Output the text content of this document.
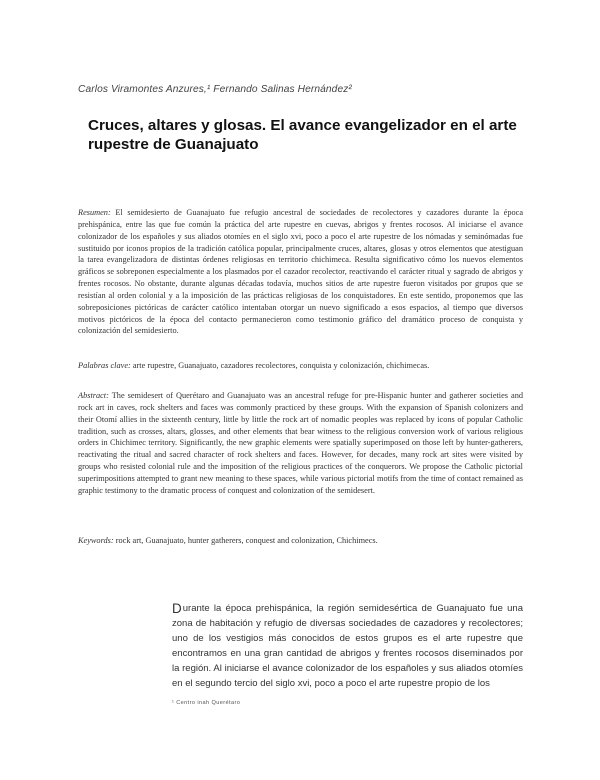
Carlos Viramontes Anzures,¹ Fernando Salinas Hernández²
Cruces, altares y glosas. El avance evangelizador en el arte rupestre de Guanajuato

Resumen: El semidesierto de Guanajuato fue refugio ancestral de sociedades de recolectores y cazadores durante la época prehispánica, entre las que fue común la práctica del arte rupestre en cuevas, abrigos y frentes rocosos. Al iniciarse el avance colonizador de los españoles y sus aliados otomíes en el siglo xvi, poco a poco el arte rupestre de los nómadas y seminómadas fue sustituido por iconos propios de la tradición católica popular, principalmente cruces, altares, glosas y otros elementos que atestiguan la tarea evangelizadora de distintas órdenes religiosas en territorio chichimeca. Resulta significativo cómo los nuevos elementos gráficos se sobreponen especialmente a los plasmados por el cazador recolector, reactivando el carácter ritual y sagrado de abrigos y frentes rocosos. No obstante, durante algunas décadas todavía, muchos sitios de arte rupestre fueron visitados por grupos que se resistían al orden colonial y a la imposición de las prácticas religiosas de los conquistadores. En este sentido, proponemos que las sobreposiciones pictóricas de carácter católico intentaban otorgar un nuevo significado a esos espacios, al tiempo que diversos motivos pictóricos de la época del contacto permanecieron como testimonio gráfico del dramático proceso de conquista y colonización del semidesierto.

Palabras clave: arte rupestre, Guanajuato, cazadores recolectores, conquista y colonización, chichimecas.

Abstract: The semidesert of Querétaro and Guanajuato was an ancestral refuge for pre-Hispanic hunter and gatherer societies and rock art in caves, rock shelters and faces was commonly practiced by these groups. With the expansion of Spanish colonizers and their Otomí allies in the sixteenth century, little by little the rock art of nomadic peoples was replaced by icons of popular Catholic tradition, such as crosses, altars, glosses, and other elements that bear witness to the religious conversion work of various religious orders in Chichimec territory. Significantly, the new graphic elements were spatially superimposed on those left by hunter-gatherers, reactivating the ritual and sacred character of rock shelters and faces. However, for decades, many rock art sites were visited by groups who resisted colonial rule and the imposition of the religious practices of the conquerors. We propose the Catholic pictorial superimpositions attempted to grant new meaning to these spaces, while various pictorial motifs from the time of contact remained as graphic testimony to the dramatic process of conquest and colonization of the semidesert.

Keywords: rock art, Guanajuato, hunter gatherers, conquest and colonization, Chichimecs.

D urante la época prehispánica, la región semidesértica de Guanajuato fue una zona de habitación y refugio de diversas sociedades de cazadores y recolectores; uno de los vestigios más conocidos de estos grupos es el arte rupestre que encontramos en una gran cantidad de abrigos y frentes rocosos diseminados por la región. Al iniciarse el avance colonizador de los españoles y sus aliados otomíes en el segundo tercio del siglo xvi, poco a poco el arte rupestre propio de los

¹ Centro inah Querétaro
